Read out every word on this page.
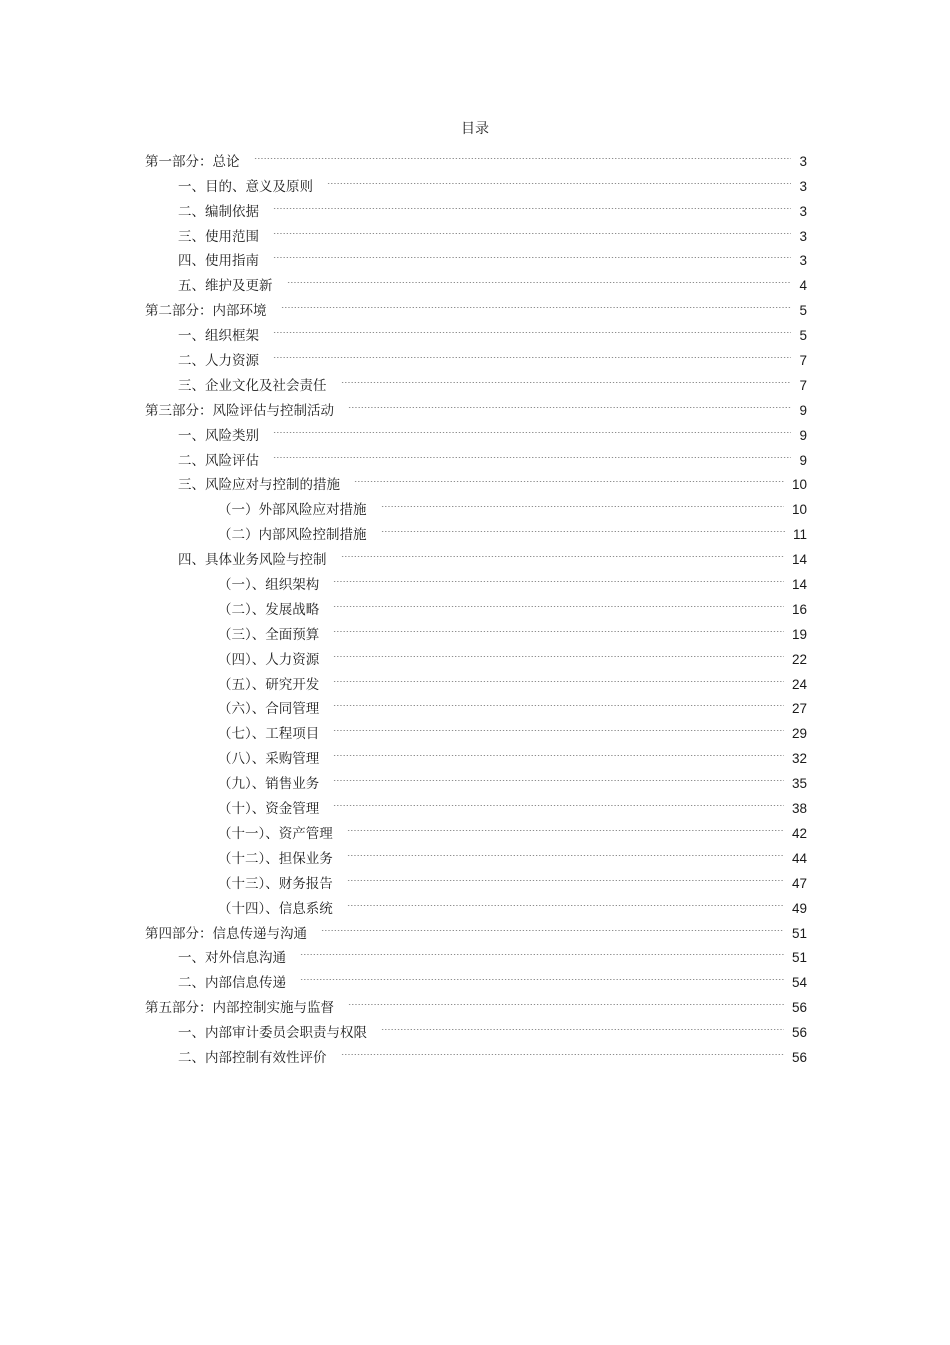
目录
第一部分：总论	3
一、目的、意义及原则	3
二、编制依据	3
三、使用范围	3
四、使用指南	3
五、维护及更新	4
第二部分：内部环境	5
一、组织框架	5
二、人力资源	7
三、企业文化及社会责任	7
第三部分：风险评估与控制活动	9
一、风险类别	9
二、风险评估	9
三、风险应对与控制的措施	10
（一）外部风险应对措施	10
（二）内部风险控制措施	11
四、具体业务风险与控制	14
（一）、组织架构	14
（二）、发展战略	16
（三）、全面预算	19
（四）、人力资源	22
（五）、研究开发	24
（六）、合同管理	27
（七）、工程项目	29
（八）、采购管理	32
（九）、销售业务	35
（十）、资金管理	38
（十一）、资产管理	42
（十二）、担保业务	44
（十三）、财务报告	47
（十四）、信息系统	49
第四部分：信息传递与沟通	51
一、对外信息沟通	51
二、内部信息传递	54
第五部分：内部控制实施与监督	56
一、内部审计委员会职责与权限	56
二、内部控制有效性评价	56
